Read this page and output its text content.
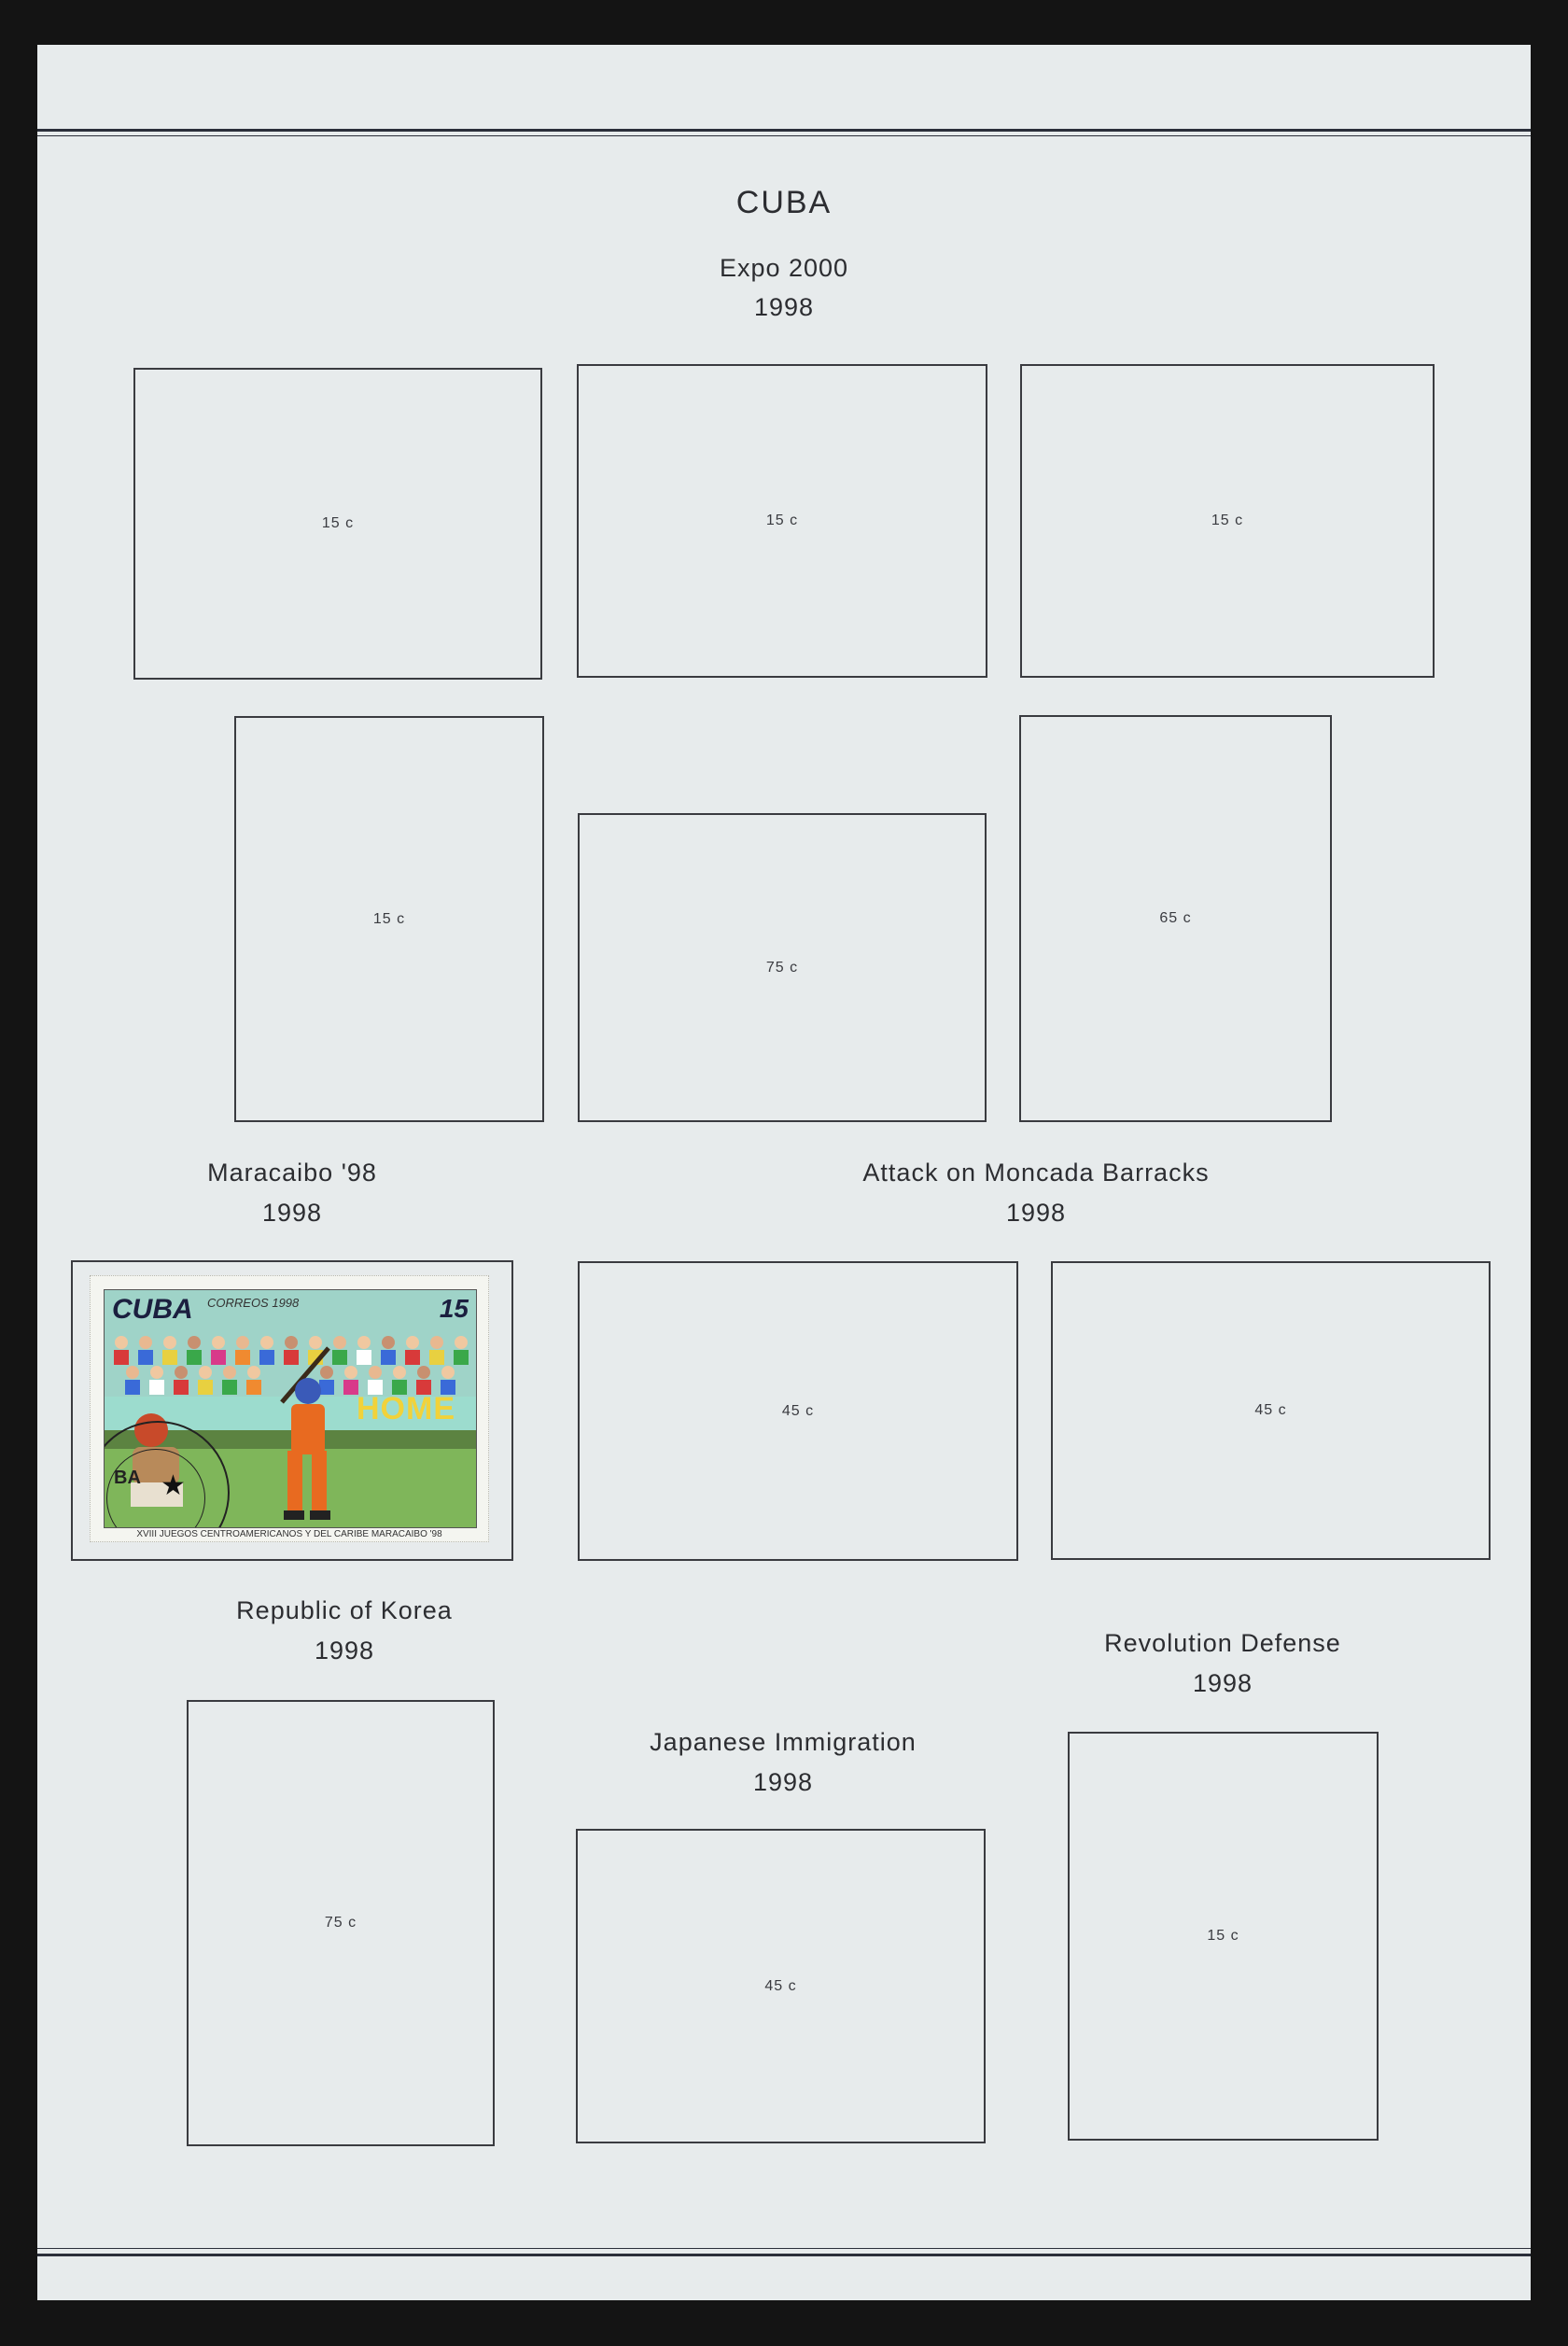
CUBA
Expo 2000
1998
15 c	15 c	15 c
15 c
75 c
65 c
Maracaibo '98
1998
Attack on Moncada Barracks
1998
HOME
BA ★
CUBA CORREOS 1998	15
XVIII JUEGOS CENTROAMERICANOS Y DEL CARIBE MARACAIBO '98
45 c	45 c
Republic of Korea
1998
75 c
Japanese Immigration
1998
45 c
Revolution Defense
1998
15 c
